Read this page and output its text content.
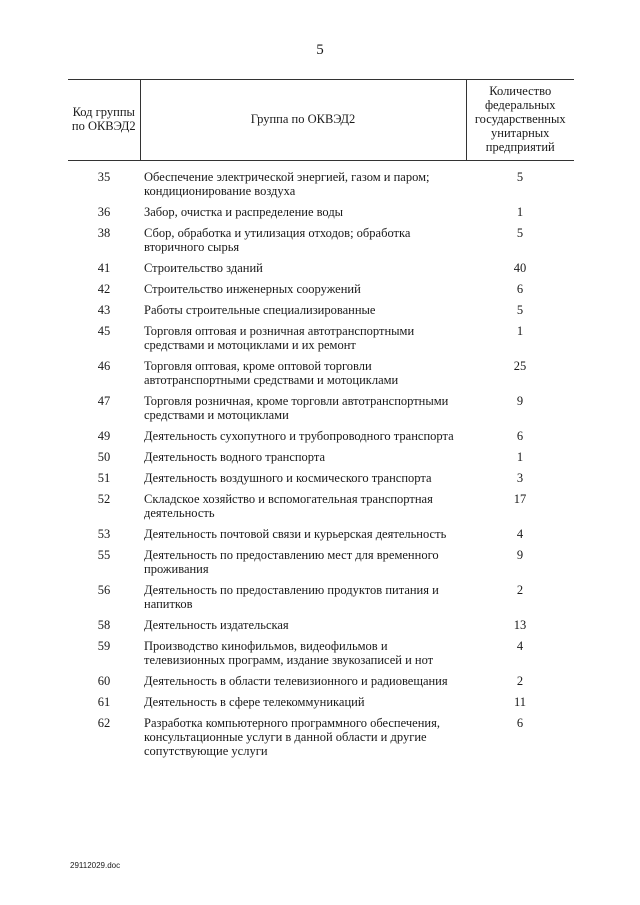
5
Код группы по ОКВЭД2	Группа по ОКВЭД2	Количество федеральных государственных унитарных предприятий

35	Обеспечение электрической энергией, газом и паром; кондиционирование воздуха	5
36	Забор, очистка и распределение воды	1
38	Сбор, обработка и утилизация отходов; обработка вторичного сырья	5
41	Строительство зданий	40
42	Строительство инженерных сооружений	6
43	Работы строительные специализированные	5
45	Торговля оптовая и розничная автотранспортными средствами и мотоциклами и их ремонт	1
46	Торговля оптовая, кроме оптовой торговли автотранспортными средствами и мотоциклами	25
47	Торговля розничная, кроме торговли автотранспортными средствами и мотоциклами	9
49	Деятельность сухопутного и трубопроводного транспорта	6
50	Деятельность водного транспорта	1
51	Деятельность воздушного и космического транспорта	3
52	Складское хозяйство и вспомогательная транспортная деятельность	17
53	Деятельность почтовой связи и курьерская деятельность	4
55	Деятельность по предоставлению мест для временного проживания	9
56	Деятельность по предоставлению продуктов питания и напитков	2
58	Деятельность издательская	13
59	Производство кинофильмов, видеофильмов и телевизионных программ, издание звукозаписей и нот	4
60	Деятельность в области телевизионного и радиовещания	2
61	Деятельность в сфере телекоммуникаций	11
62	Разработка компьютерного программного обеспечения, консультационные услуги в данной области и другие сопутствующие услуги	6
29112029.doc
